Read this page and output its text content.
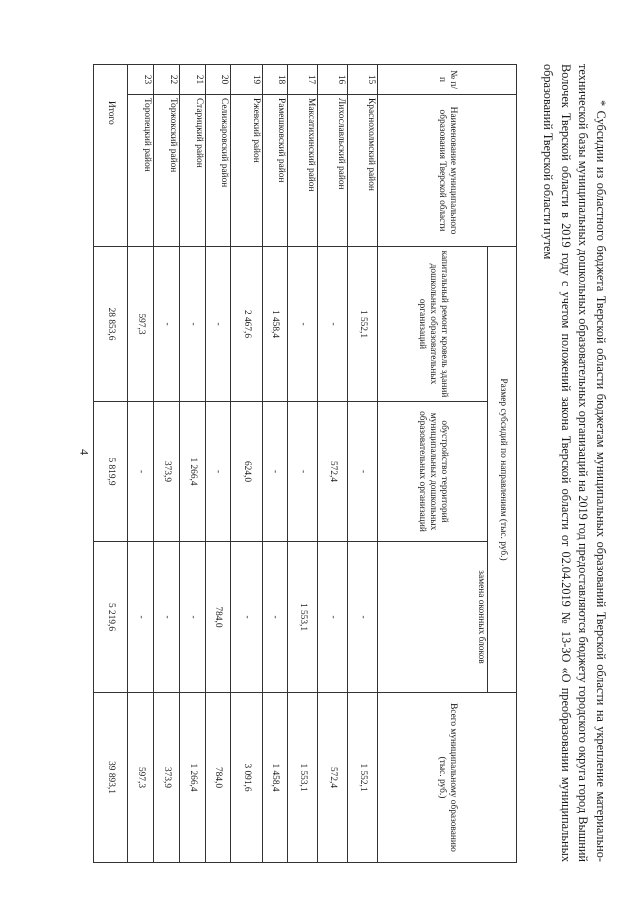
4	* Субсидии из областного бюджета Тверской области бюджетам муниципальных образований Тверской области на укрепление материально-технической базы муниципальных дошкольных образовательных организаций на 2019 год предоставляются бюджету городского округа город Вышний Волочек Тверской области в 2019 году с учетом положений закона Тверской области от 02.04.2019 № 13-ЗО «О преобразовании муниципальных образований Тверской области путем
№ п/п	Наименование муниципального образования Тверской области	Размер субсидий по направлениям (тыс. руб.)			Всего муниципальному образованию (тыс. руб.)
		капитальный ремонт кровель зданий дошкольных образовательных организаций	обустройство территорий муниципальных дошкольных образовательных организаций	замена оконных блоков	
15	Краснохолмский район	1 552,1	-	-	1 552,1
16	Лихославльский район	-	572,4	-	572,4
17	Максатихинский район	-	-	1 553,1	1 553,1
18	Рамешковский район	1 458,4	-	-	1 458,4
19	Ржевский район	2 467,6	624,0	-	3 091,6
20	Селижаровский район	-	-	784,0	784,0
21	Старицкий район	-	1 266,4	-	1 266,4
22	Торжокский район	-	373,9	-	373,9
23	Торопецкий район	597,3	-	-	597,3
Итого		28 853,6	5 819,9	5 219,6	39 893,1
